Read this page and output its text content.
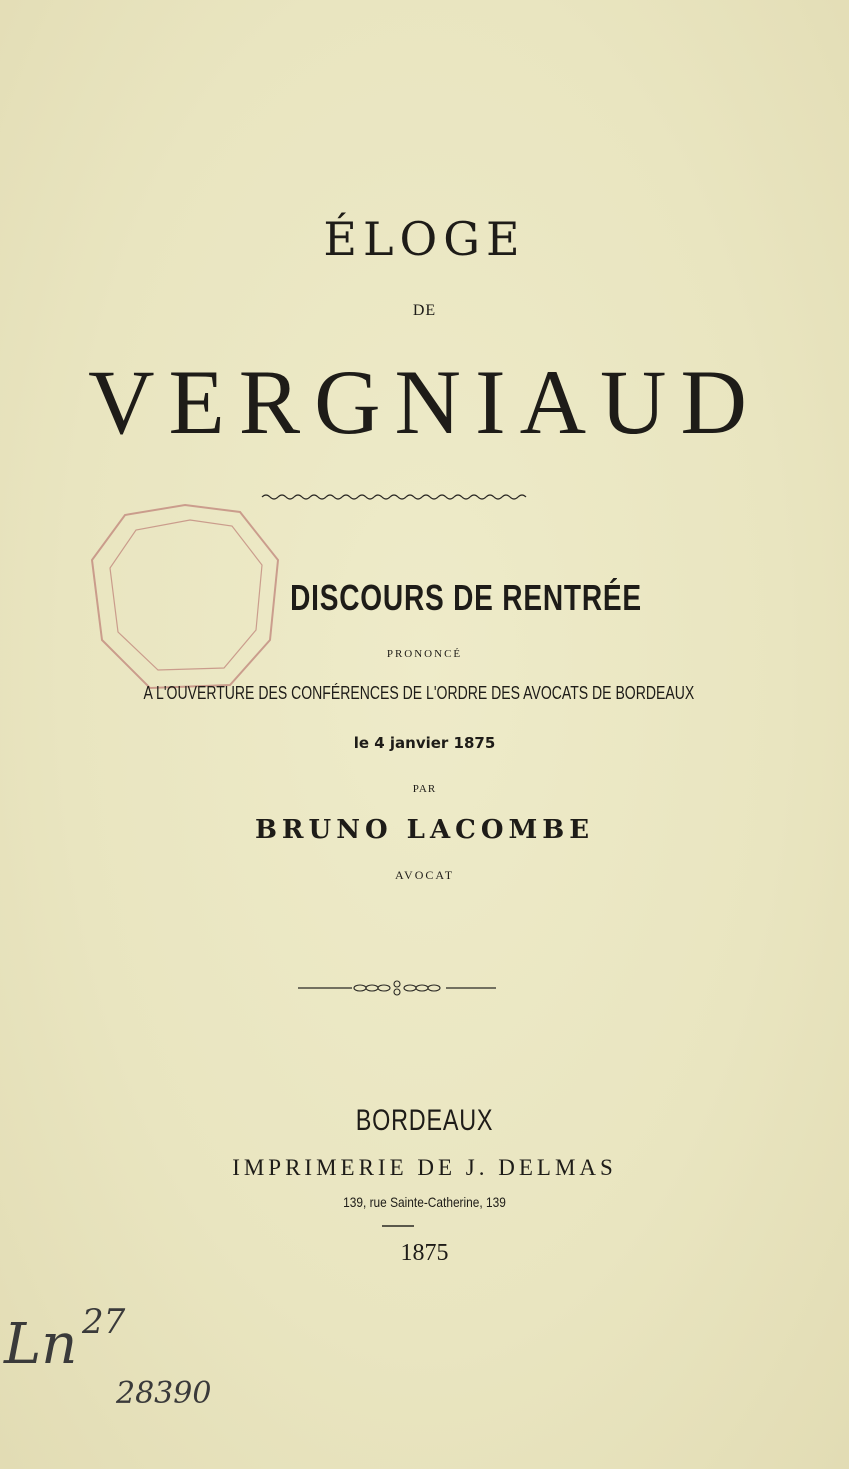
ÉLOGE
DE
VERGNIAUD
DISCOURS DE RENTRÉE
PRONONCÉ
A L'OUVERTURE DES CONFÉRENCES DE L'ORDRE DES AVOCATS DE BORDEAUX
le 4 janvier 1875
PAR
BRUNO LACOMBE
AVOCAT
BORDEAUX
IMPRIMERIE DE J. DELMAS
139, rue Sainte-Catherine, 139
1875
Ln 27
28390
